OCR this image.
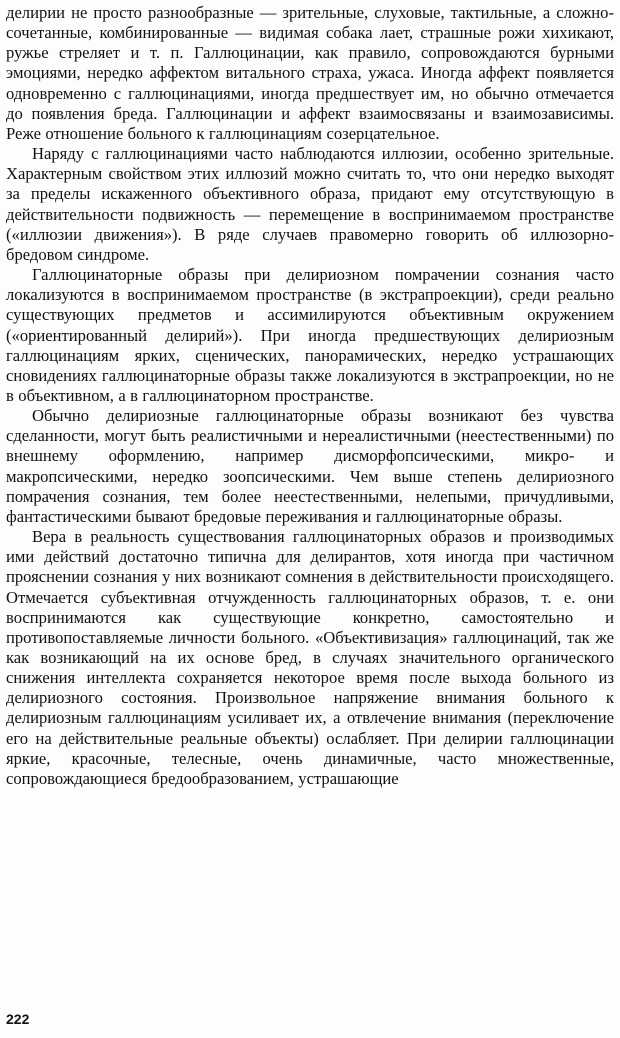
делирии не просто разнообразные — зрительные, слуховые, тактильные, а сложно-сочетанные, комбинированные — видимая собака лает, страшные рожи хихикают, ружье стреляет и т. п. Галлюцинации, как правило, сопровождаются бурными эмоциями, нередко аффектом витального страха, ужаса. Иногда аффект появляется одновременно с галлюцинациями, иногда предшествует им, но обычно отмечается до появления бреда. Галлюцинации и аффект взаимосвязаны и взаимозависимы. Реже отношение больного к галлюцинациям созерцательное.

Наряду с галлюцинациями часто наблюдаются иллюзии, особенно зрительные. Характерным свойством этих иллюзий можно считать то, что они нередко выходят за пределы искаженного объективного образа, придают ему отсутствующую в действительности подвижность — перемещение в воспринимаемом пространстве («иллюзии движения»). В ряде случаев правомерно говорить об иллюзорно-бредовом синдроме.

Галлюцинаторные образы при делириозном помрачении сознания часто локализуются в воспринимаемом пространстве (в экстрапроекции), среди реально существующих предметов и ассимилируются объективным окружением («ориентированный делирий»). При иногда предшествующих делириозным галлюцинациям ярких, сценических, панорамических, нередко устрашающих сновидениях галлюцинаторные образы также локализуются в экстрапроекции, но не в объективном, а в галлюцинаторном пространстве.

Обычно делириозные галлюцинаторные образы возникают без чувства сделанности, могут быть реалистичными и нереалистичными (неестественными) по внешнему оформлению, например дисморфопсическими, микро- и макропсическими, нередко зоопсическими. Чем выше степень делириозного помрачения сознания, тем более неестественными, нелепыми, причудливыми, фантастическими бывают бредовые переживания и галлюцинаторные образы.

Вера в реальность существования галлюцинаторных образов и производимых ими действий достаточно типична для делирантов, хотя иногда при частичном прояснении сознания у них возникают сомнения в действительности происходящего. Отмечается субъективная отчужденность галлюцинаторных образов, т. е. они воспринимаются как существующие конкретно, самостоятельно и противопоставляемые личности больного. «Объективизация» галлюцинаций, так же как возникающий на их основе бред, в случаях значительного органического снижения интеллекта сохраняется некоторое время после выхода больного из делириозного состояния. Произвольное напряжение внимания больного к делириозным галлюцинациям усиливает их, а отвлечение внимания (переключение его на действительные реальные объекты) ослабляет. При делирии галлюцинации яркие, красочные, телесные, очень динамичные, часто множественные, сопровождающиеся бредообразованием, устрашающие

222
